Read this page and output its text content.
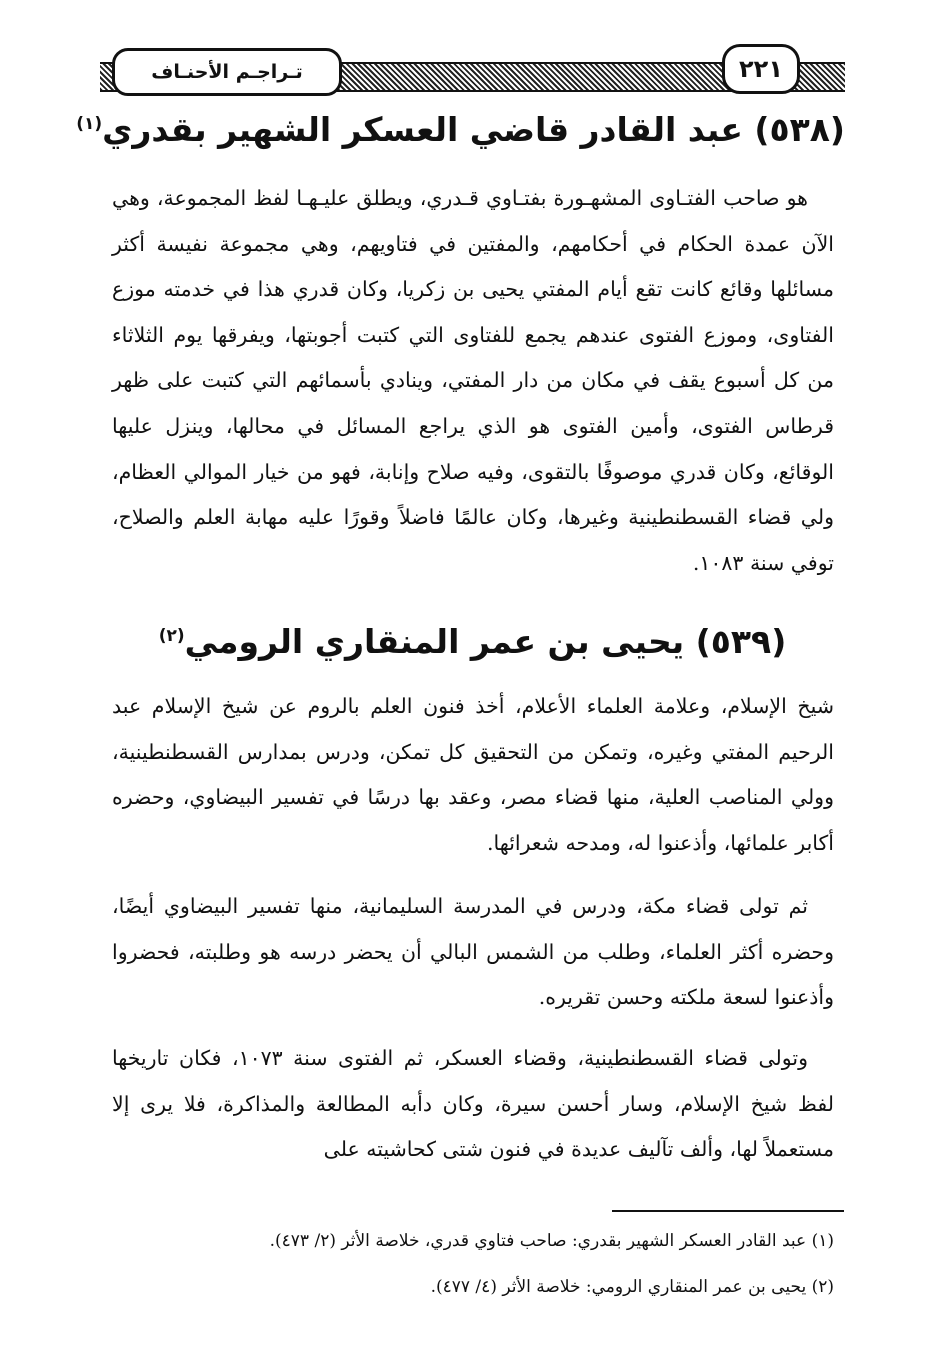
تـراجـم الأحنـاف	٢٢١
(٥٣٨) عبد القادر قاضي العسكر الشهير بقدري$^{(١)}$

هو صاحب الفتـاوى المشهـورة بفتـاوي قـدري، ويطلق عليـهـا لفظ المجموعة، وهي الآن عمدة الحكام في أحكامهم، والمفتين في فتاويهم، وهي مجموعة نفيسة أكثر مسائلها وقائع كانت تقع أيام المفتي يحيى بن زكريا، وكان قدري هذا في خدمته موزع الفتاوى، وموزع الفتوى عندهم يجمع للفتاوى التي كتبت أجوبتها، ويفرقها يوم الثلاثاء من كل أسبوع يقف في مكان من دار المفتي، وينادي بأسمائهم التي كتبت على ظهر قرطاس الفتوى، وأمين الفتوى هو الذي يراجع المسائل في محالها، وينزل عليها الوقائع، وكان قدري موصوفًا بالتقوى، وفيه صلاح وإنابة، فهو من خيار الموالي العظام، ولي قضاء القسطنطينية وغيرها، وكان عالمًا فاضلاً وقورًا عليه مهابة العلم والصلاح، توفي سنة ١٠٨٣.

(٥٣٩) يحيى بن عمر المنقاري الرومي$^{(٢)}$

شيخ الإسلام، وعلامة العلماء الأعلام، أخذ فنون العلم بالروم عن شيخ الإسلام عبد الرحيم المفتي وغيره، وتمكن من التحقيق كل تمكن، ودرس بمدارس القسطنطينية، وولي المناصب العلية، منها قضاء مصر، وعقد بها درسًا في تفسير البيضاوي، وحضره أكابر علمائها، وأذعنوا له، ومدحه شعرائها.

ثم تولى قضاء مكة، ودرس في المدرسة السليمانية، منها تفسير البيضاوي أيضًا، وحضره أكثر العلماء، وطلب من الشمس البالي أن يحضر درسه هو وطلبته، فحضروا وأذعنوا لسعة ملكته وحسن تقريره.

وتولى قضاء القسطنطينية، وقضاء العسكر، ثم الفتوى سنة ١٠٧٣، فكان تاريخها لفظ شيخ الإسلام، وسار أحسن سيرة، وكان دأبه المطالعة والمذاكرة، فلا يرى إلا مستعملاً لها، وألف تآليف عديدة في فنون شتى كحاشيته على

(١) عبد القادر العسكر الشهير بقدري: صاحب فتاوي قدري، خلاصة الأثر (٢/ ٤٧٣).

(٢) يحيى بن عمر المنقاري الرومي: خلاصة الأثر (٤/ ٤٧٧).
